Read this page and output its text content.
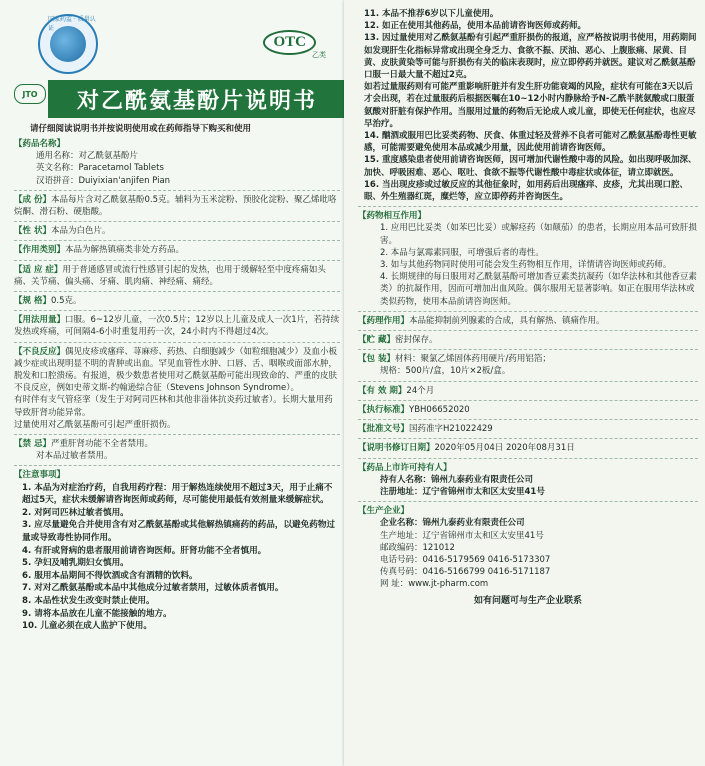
国家药监 · 质量认证
OTC
乙类
JTO	对乙酰氨基酚片说明书
请仔细阅读说明书并按说明使用或在药师指导下购买和使用
【药品名称】
通用名称：对乙酰氨基酚片
英文名称：Paracetamol Tablets
汉语拼音：Duiyixian'anjifen Pian
【成 份】本品每片含对乙酰氨基酚0.5克。辅料为玉米淀粉、预胶化淀粉、聚乙烯吡咯烷酮、滑石粉、硬脂酸。
【性 状】本品为白色片。
【作用类别】本品为解热镇痛类非处方药品。
【适 应 症】用于普通感冒或流行性感冒引起的发热，也用于缓解轻至中度疼痛如头痛、关节痛、偏头痛、牙痛、肌肉痛、神经痛、痛经。
【规 格】0.5克。
【用法用量】口服。6~12岁儿童，一次0.5片；12岁以上儿童及成人一次1片，若持续发热或疼痛，可间隔4-6小时重复用药一次，24小时内不得超过4次。
【不良反应】偶见皮疹或瘙痒、荨麻疹、药热、白细胞减少（如粒细胞减少）及血小板减少症或出现明显不明的青肿或出血。罕见血管性水肿、口唇、舌、咽喉或面部水肿，脱发和口腔溃疡。有报道，极少数患者使用对乙酰氨基酚可能出现致命的、严重的皮肤不良反应，例如史蒂文斯-约翰逊综合征（Stevens Johnson Syndrome）。
有时伴有支气管痉挛（发生于对阿司匹林和其他非甾体抗炎药过敏者）。长期大量用药导致肝肾功能异常。
过量使用对乙酰氨基酚可引起严重肝损伤。
【禁 忌】严重肝肾功能不全者禁用。
对本品过敏者禁用。
【注意事项】
1. 本品为对症治疗药，自我用药疗程：用于解热连续使用不超过3天，用于止痛不超过5天，症状未缓解请咨询医师或药师，尽可能使用最低有效剂量来缓解症状。
2. 对阿司匹林过敏者慎用。
3. 应尽量避免合并使用含有对乙酰氨基酚或其他解热镇痛药的药品，以避免药物过量或导致毒性协同作用。
4. 有肝或肾病的患者服用前请咨询医师。肝肾功能不全者慎用。
5. 孕妇及哺乳期妇女慎用。
6. 服用本品期间不得饮酒或含有酒精的饮料。
7. 对对乙酰氨基酚或本品中其他成分过敏者禁用，过敏体质者慎用。
8. 本品性状发生改变时禁止使用。
9. 请将本品放在儿童不能接触的地方。
10. 儿童必须在成人监护下使用。
11. 本品不推荐6岁以下儿童使用。
12. 如正在使用其他药品，使用本品前请咨询医师或药师。
13. 因过量使用对乙酰氨基酚有引起严重肝损伤的报道，应严格按说明书使用，用药期间如发现肝生化指标异常或出现全身乏力、食欲不振、厌油、恶心、上腹胀痛、尿黄、目黄、皮肤黄染等可能与肝损伤有关的临床表现时，应立即停药并就医。建议对乙酰氨基酚口服一日最大量不超过2克。
如若过量服药则有可能严重影响肝脏并有发生肝功能衰竭的风险，症状有可能在3天以后才会出现，若在过量服药后根据医嘱在10~12小时内静脉给予N-乙酰半胱氨酸或口服蛋氨酸对肝脏有保护作用。当服用过量的药物后无论成人或儿童，即使无任何症状，也应尽早治疗。
14. 酗酒或服用巴比妥类药物、厌食、体重过轻及营养不良者可能对乙酰氨基酚毒性更敏感，可能需要避免使用本品或减少用量，因此使用前请咨询医师。
15. 重度感染患者使用前请咨询医师，因可增加代谢性酸中毒的风险。如出现呼吸加深、加快、呼吸困难、恶心、呕吐、食欲不振等代谢性酸中毒症状或体征，请立即就医。
16. 当出现皮疹或过敏反应的其他征象时，如用药后出现瘙痒、皮疹，尤其出现口腔、眼、外生殖器红斑，糜烂等，应立即停药并咨询医生。
【药物相互作用】
1. 应用巴比妥类（如苯巴比妥）或解痉药（如颠茄）的患者，长期应用本品可致肝损害。
2. 本品与氯霉素同服，可增强后者的毒性。
3. 如与其他药物同时使用可能会发生药物相互作用，详情请咨询医师或药师。
4. 长期规律的每日服用对乙酰氨基酚可增加香豆素类抗凝药（如华法林和其他香豆素类）的抗凝作用，因而可增加出血风险。偶尔服用无显著影响。如正在服用华法林或类似药物，使用本品前请咨询医师。
【药理作用】本品能抑制前列腺素的合成，具有解热、镇痛作用。
【贮 藏】密封保存。
【包 装】材料：聚氯乙烯固体药用硬片/药用铝箔；
规格：500片/盒，10片×2板/盒。
【有 效 期】24个月
【执行标准】YBH06652020
【批准文号】国药准字H21022429
【说明书修订日期】2020年05月04日 2020年08月31日
【药品上市许可持有人】
持有人名称：锦州九泰药业有限责任公司
注册地址：辽宁省锦州市太和区太安里41号
【生产企业】
企业名称：锦州九泰药业有限责任公司
生产地址：辽宁省锦州市太和区太安里41号
邮政编码：121012
电话号码：0416-5179569 0416-5173307
传真号码：0416-5166799 0416-5171187
网 址：www.jt-pharm.com
如有问题可与生产企业联系
